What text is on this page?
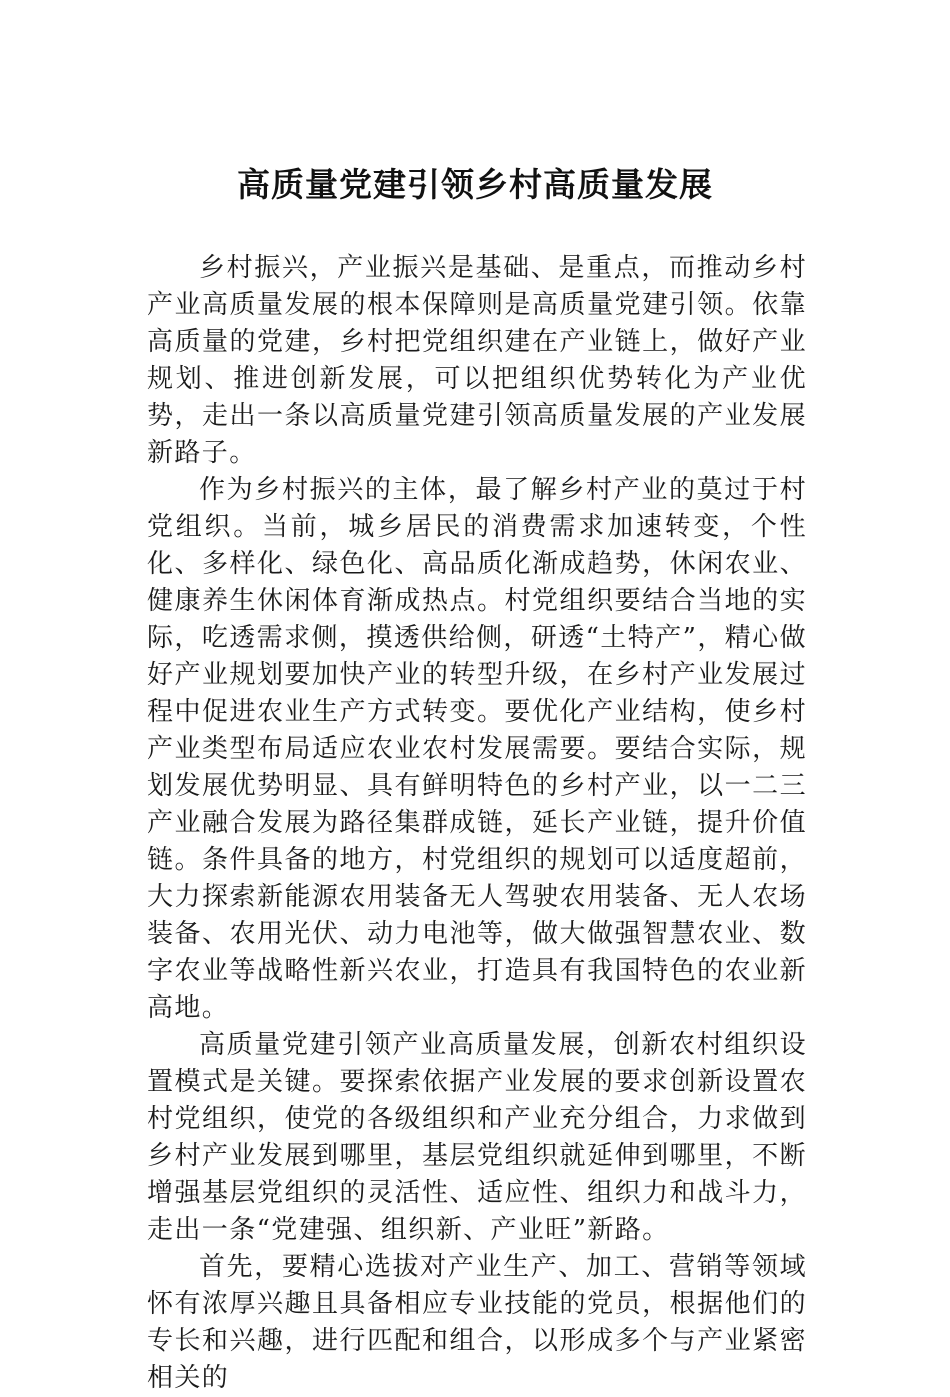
高质量党建引领乡村高质量发展

乡村振兴，产业振兴是基础、是重点，而推动乡村产业高质量发展的根本保障则是高质量党建引领。依靠高质量的党建，乡村把党组织建在产业链上，做好产业规划、推进创新发展，可以把组织优势转化为产业优势，走出一条以高质量党建引领高质量发展的产业发展新路子。

作为乡村振兴的主体，最了解乡村产业的莫过于村党组织。当前，城乡居民的消费需求加速转变，个性化、多样化、绿色化、高品质化渐成趋势，休闲农业、健康养生休闲体育渐成热点。村党组织要结合当地的实际，吃透需求侧，摸透供给侧，研透“土特产”，精心做好产业规划要加快产业的转型升级，在乡村产业发展过程中促进农业生产方式转变。要优化产业结构，使乡村产业类型布局适应农业农村发展需要。要结合实际，规划发展优势明显、具有鲜明特色的乡村产业，以一二三产业融合发展为路径集群成链，延长产业链，提升价值链。条件具备的地方，村党组织的规划可以适度超前，大力探索新能源农用装备无人驾驶农用装备、无人农场装备、农用光伏、动力电池等，做大做强智慧农业、数字农业等战略性新兴农业，打造具有我国特色的农业新高地。

高质量党建引领产业高质量发展，创新农村组织设置模式是关键。要探索依据产业发展的要求创新设置农村党组织，使党的各级组织和产业充分组合，力求做到乡村产业发展到哪里，基层党组织就延伸到哪里，不断增强基层党组织的灵活性、适应性、组织力和战斗力，走出一条“党建强、组织新、产业旺”新路。

首先，要精心选拔对产业生产、加工、营销等领域怀有浓厚兴趣且具备相应专业技能的党员，根据他们的专长和兴趣，进行匹配和组合，以形成多个与产业紧密相关的
